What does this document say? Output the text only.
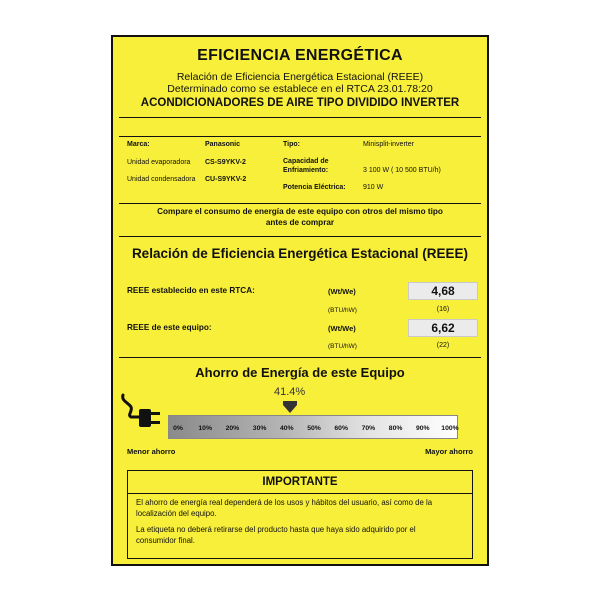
EFICIENCIA ENERGÉTICA
Relación de Eficiencia Energética Estacional (REEE)
Determinado como se establece en el RTCA 23.01.78:20
ACONDICIONADORES DE AIRE TIPO DIVIDIDO INVERTER
Marca:	Panasonic	Tipo:	Minisplit-inverter
Unidad evaporadora CS-S9YKV-2	Capacidad de
Enfriamiento:	3 100 W ( 10 500 BTU/h)
Unidad condensadora CU-S9YKV-2
Potencia Eléctrica: 910 W
Compare el consumo de energía de este equipo con otros del mismo tipo
antes de comprar
Relación de Eficiencia Energética Estacional (REEE)
REEE establecido en este RTCA:	(Wt/We)	4,68
(BTU/hW)	(16)
REEE de este equipo:	(Wt/We)	6,62
(BTU/hW)	(22)
Ahorro de Energía de este Equipo
41.4%
0% 10% 20% 30% 40% 50% 60% 70% 80% 90% 100%
Menor ahorro	Mayor ahorro
IMPORTANTE
El ahorro de energía real dependerá de los usos y hábitos del usuario, así como de la
localización del equipo.
La etiqueta no deberá retirarse del producto hasta que haya sido adquirido por el
consumidor final.
